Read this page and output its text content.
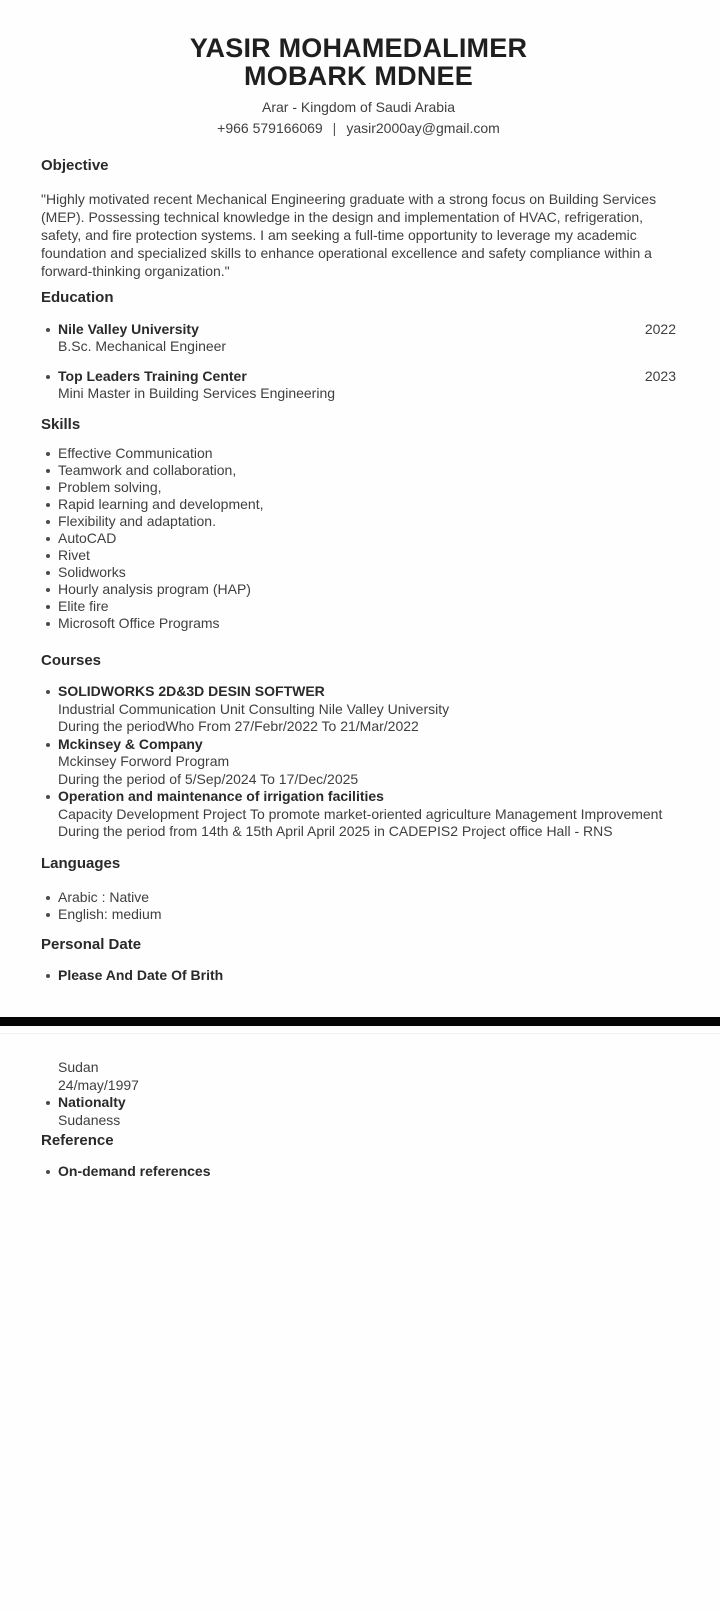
YASIR MOHAMEDALIMER
MOBARK MDNEE
Arar - Kingdom of Saudi Arabia
+966 579166069 | yasir2000ay@gmail.com
Objective

"Highly motivated recent Mechanical Engineering graduate with a strong focus on Building Services (MEP). Possessing technical knowledge in the design and implementation of HVAC, refrigeration, safety, and fire protection systems. I am seeking a full-time opportunity to leverage my academic foundation and specialized skills to enhance operational excellence and safety compliance within a forward-thinking organization."

Education
Nile Valley University	2022
B.Sc. Mechanical Engineer
Top Leaders Training Center	2023
Mini Master in Building Services Engineering
Skills
Effective Communication
Teamwork and collaboration,
Problem solving,
Rapid learning and development,
Flexibility and adaptation.
AutoCAD
Rivet
Solidworks
Hourly analysis program (HAP)
Elite fire
Microsoft Office Programs
Courses
SOLIDWORKS 2D&3D DESIN SOFTWER
Industrial Communication Unit Consulting Nile Valley University
During the periodWho From 27/Febr/2022 To 21/Mar/2022
Mckinsey & Company
Mckinsey Forword Program
During the period of 5/Sep/2024 To 17/Dec/2025
Operation and maintenance of irrigation facilities
Capacity Development Project To promote market-oriented agriculture Management Improvement
During the period from 14th & 15th April April 2025 in CADEPIS2 Project office Hall - RNS
Languages
Arabic : Native
English: medium
Personal Date
Please And Date Of Brith
Sudan
24/may/1997
Nationalty
Sudaness
Reference
On-demand references
